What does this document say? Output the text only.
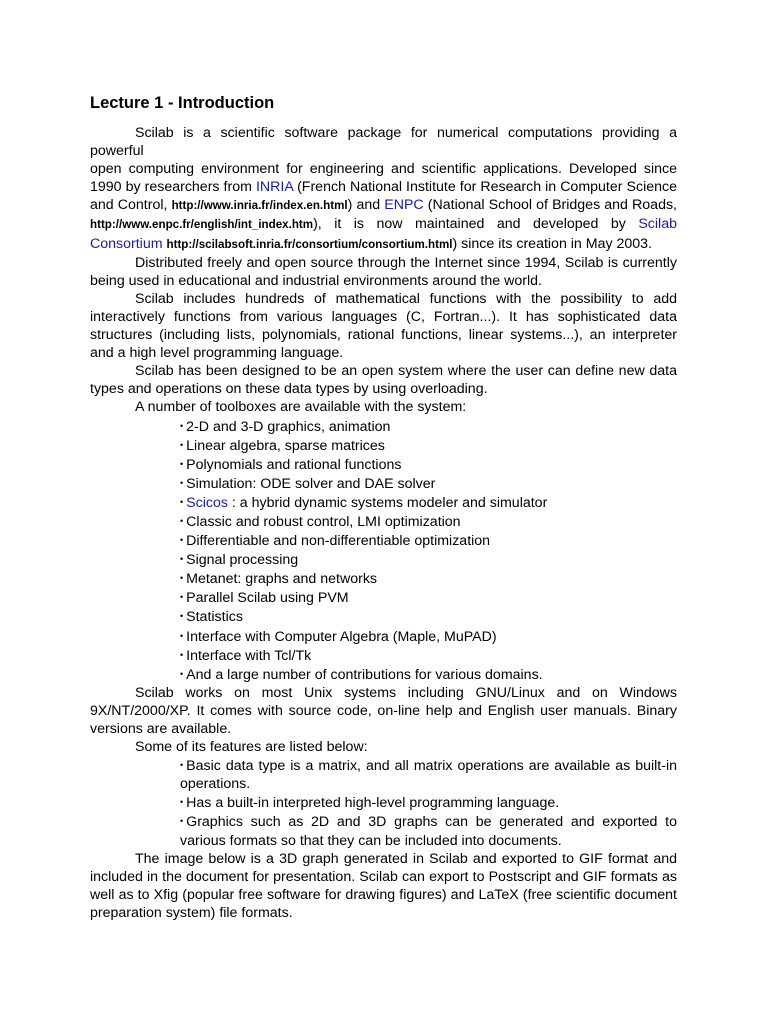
Lecture 1 - Introduction

Scilab is a scientific software package for numerical computations providing a powerful
open computing environment for engineering and scientific applications. Developed since 1990 by researchers from INRIA (French National Institute for Research in Computer Science and Control, http://www.inria.fr/index.en.html) and ENPC (National School of Bridges and Roads, http://www.enpc.fr/english/int_index.htm), it is now maintained and developed by Scilab Consortium http://scilabsoft.inria.fr/consortium/consortium.html) since its creation in May 2003.

Distributed freely and open source through the Internet since 1994, Scilab is currently being used in educational and industrial environments around the world.

Scilab includes hundreds of mathematical functions with the possibility to add interactively functions from various languages (C, Fortran...). It has sophisticated data structures (including lists, polynomials, rational functions, linear systems...), an interpreter and a high level programming language.

Scilab has been designed to be an open system where the user can define new data types and operations on these data types by using overloading.

A number of toolboxes are available with the system:

• 2-D and 3-D graphics, animation
• Linear algebra, sparse matrices
• Polynomials and rational functions
• Simulation: ODE solver and DAE solver
• Scicos : a hybrid dynamic systems modeler and simulator
• Classic and robust control, LMI optimization
• Differentiable and non-differentiable optimization
• Signal processing
• Metanet: graphs and networks
• Parallel Scilab using PVM
• Statistics
• Interface with Computer Algebra (Maple, MuPAD)
• Interface with Tcl/Tk
• And a large number of contributions for various domains.

Scilab works on most Unix systems including GNU/Linux and on Windows 9X/NT/2000/XP. It comes with source code, on-line help and English user manuals. Binary versions are available.

Some of its features are listed below:

• Basic data type is a matrix, and all matrix operations are available as built-in operations.
• Has a built-in interpreted high-level programming language.
• Graphics such as 2D and 3D graphs can be generated and exported to various formats so that they can be included into documents.

The image below is a 3D graph generated in Scilab and exported to GIF format and included in the document for presentation. Scilab can export to Postscript and GIF formats as well as to Xfig (popular free software for drawing figures) and LaTeX (free scientific document preparation system) file formats.
